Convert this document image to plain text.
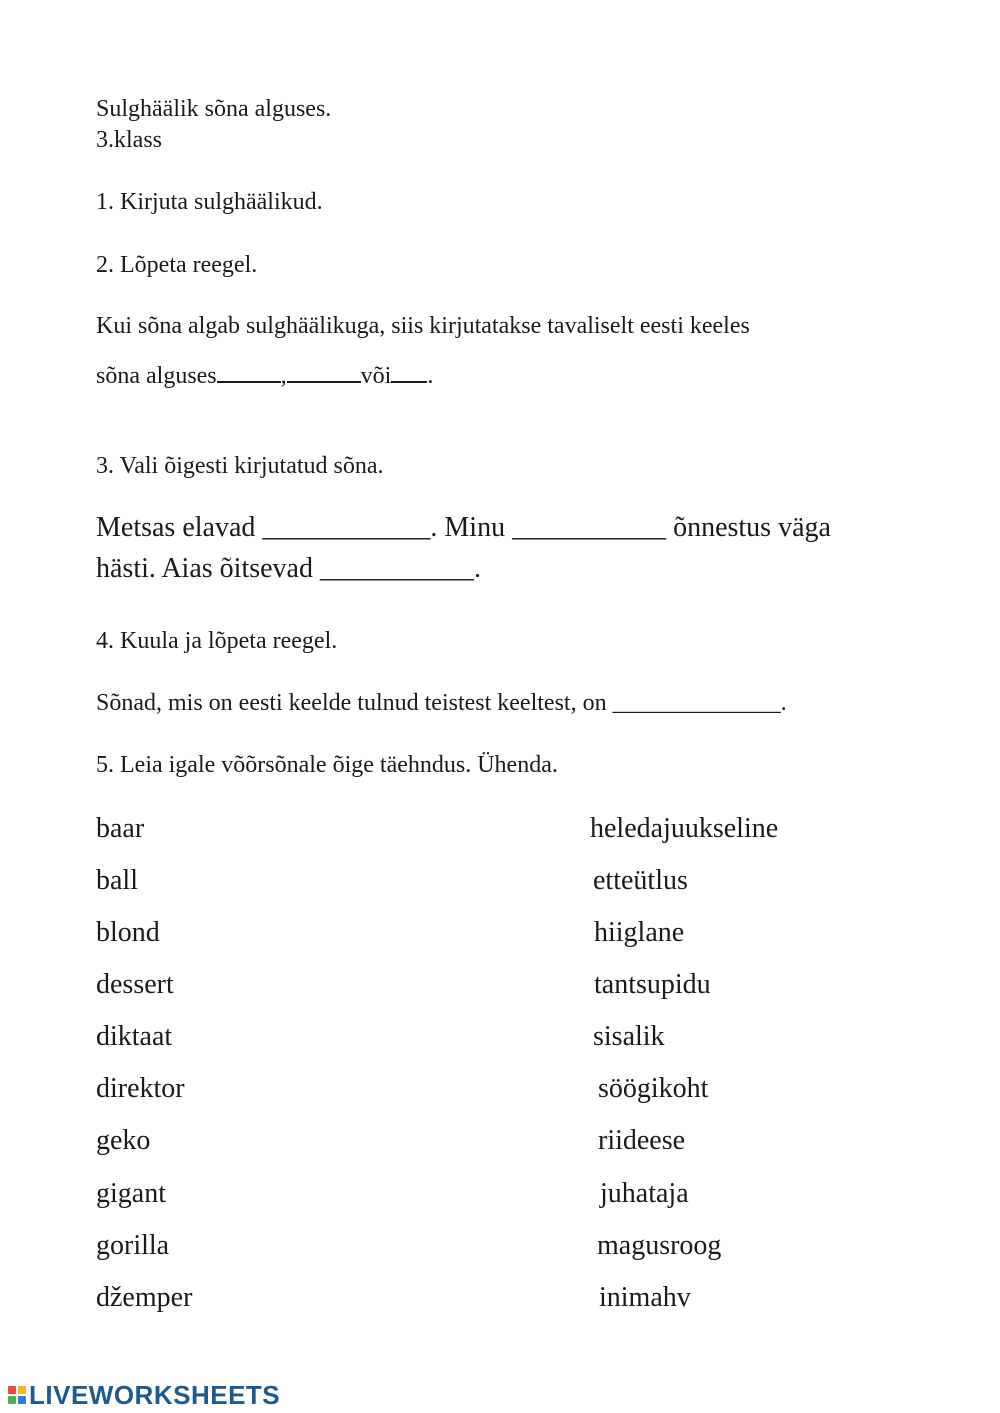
Sulghäälik sõna alguses.
3.klass
1. Kirjuta sulghäälikud.
2. Lõpeta reegel.
Kui sõna algab sulghäälikuga, siis kirjutatakse tavaliselt eesti keeles
sõna alguses	,	või .
3. Vali õigesti kirjutatud sõna.
Metsas elavad ____________. Minu ___________ õnnestus väga
hästi. Aias õitsevad ___________.
4. Kuula ja lõpeta reegel.
Sõnad, mis on eesti keelde tulnud teistest keeltest, on ______________.
5. Leia igale võõrsõnale õige täehndus. Ühenda.
baar
ball
blond
dessert
diktaat
direktor
geko
gigant
gorilla
džemper
heledajuukseline
etteütlus
hiiglane
tantsupidu
sisalik
söögikoht
riideese
juhataja
magusroog
inimahv
LIVEWORKSHEETS
